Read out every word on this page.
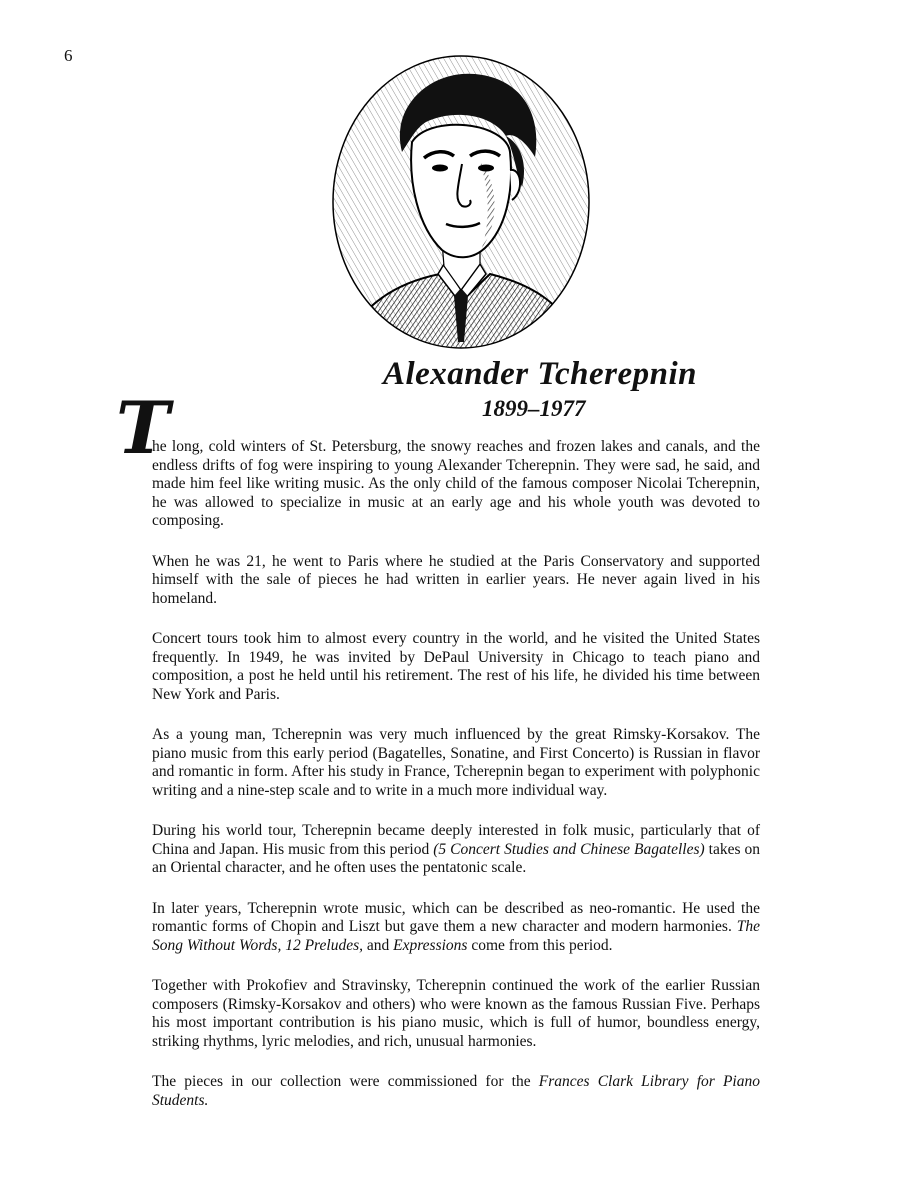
6
Alexander Tcherepnin
1899–1977
T

he long, cold winters of St. Petersburg, the snowy reaches and frozen lakes and canals, and the endless drifts of fog were inspiring to young Alexander Tcherepnin. They were sad, he said, and made him feel like writing music. As the only child of the famous composer Nicolai Tcherepnin, he was allowed to specialize in music at an early age and his whole youth was devoted to composing.

When he was 21, he went to Paris where he studied at the Paris Conservatory and supported himself with the sale of pieces he had written in earlier years. He never again lived in his homeland.

Concert tours took him to almost every country in the world, and he visited the United States frequently. In 1949, he was invited by DePaul University in Chicago to teach piano and composition, a post he held until his retirement. The rest of his life, he divided his time between New York and Paris.

As a young man, Tcherepnin was very much influenced by the great Rimsky-Korsakov. The piano music from this early period (Bagatelles, Sonatine, and First Concerto) is Russian in flavor and romantic in form. After his study in France, Tcherepnin began to experiment with polyphonic writing and a nine-step scale and to write in a much more individual way.

During his world tour, Tcherepnin became deeply interested in folk music, particularly that of China and Japan. His music from this period (5 Concert Studies and Chinese Bagatelles) takes on an Oriental character, and he often uses the pentatonic scale.

In later years, Tcherepnin wrote music, which can be described as neo-romantic. He used the romantic forms of Chopin and Liszt but gave them a new character and modern harmonies. The Song Without Words, 12 Preludes, and Expressions come from this period.

Together with Prokofiev and Stravinsky, Tcherepnin continued the work of the earlier Russian composers (Rimsky-Korsakov and others) who were known as the famous Russian Five. Perhaps his most important contribution is his piano music, which is full of humor, boundless energy, striking rhythms, lyric melodies, and rich, unusual harmonies.

The pieces in our collection were commissioned for the Frances Clark Library for Piano Students.
